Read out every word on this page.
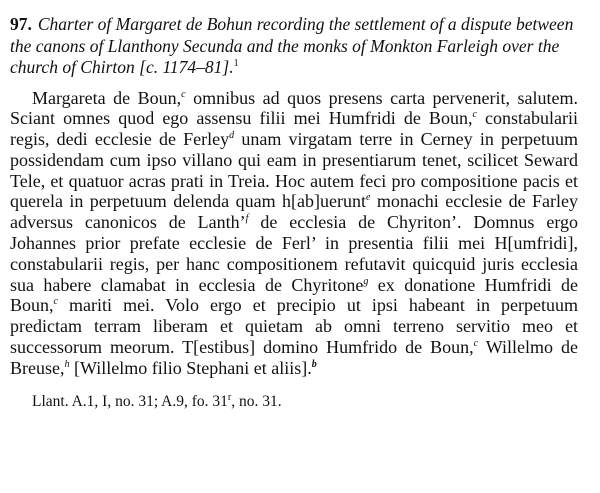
97. Charter of Margaret de Bohun recording the settlement of a dispute between the canons of Llanthony Secunda and the monks of Monkton Farleigh over the church of Chirton [c. 1174–81].$^1$

Margareta de Boun,$^c$ omnibus ad quos presens carta pervenerit, salutem. Sciant omnes quod ego assensu filii mei Humfridi de Boun,$^c$ constabularii regis, dedi ecclesie de Ferley$^d$ unam virgatam terre in Cerney in perpetuum possidendam cum ipso villano qui eam in presentiarum tenet, scilicet Seward Tele, et quatuor acras prati in Treia. Hoc autem feci pro compositione pacis et querela in perpetuum delenda quam h[ab]uerunt$^e$ monachi ecclesie de Farley adversus canonicos de Lanth’$^f$ de ecclesia de Chyriton’. Domnus ergo Johannes prior prefate ecclesie de Ferl’ in presentia filii mei H[umfridi], constabularii regis, per hanc compositionem refutavit quicquid juris ecclesia sua habere clamabat in ecclesia de Chyritone$^g$ ex donatione Humfridi de Boun,$^c$ mariti mei. Volo ergo et precipio ut ipsi habeant in perpetuum predictam terram liberam et quietam ab omni terreno servitio meo et successorum meorum. T[estibus] domino Humfrido de Boun,$^c$ Willelmo de Breuse,$^h$ [Willelmo filio Stephani et aliis].$^b$

Llant. A.1, I, no. 31; A.9, fo. 31$^r$, no. 31.
